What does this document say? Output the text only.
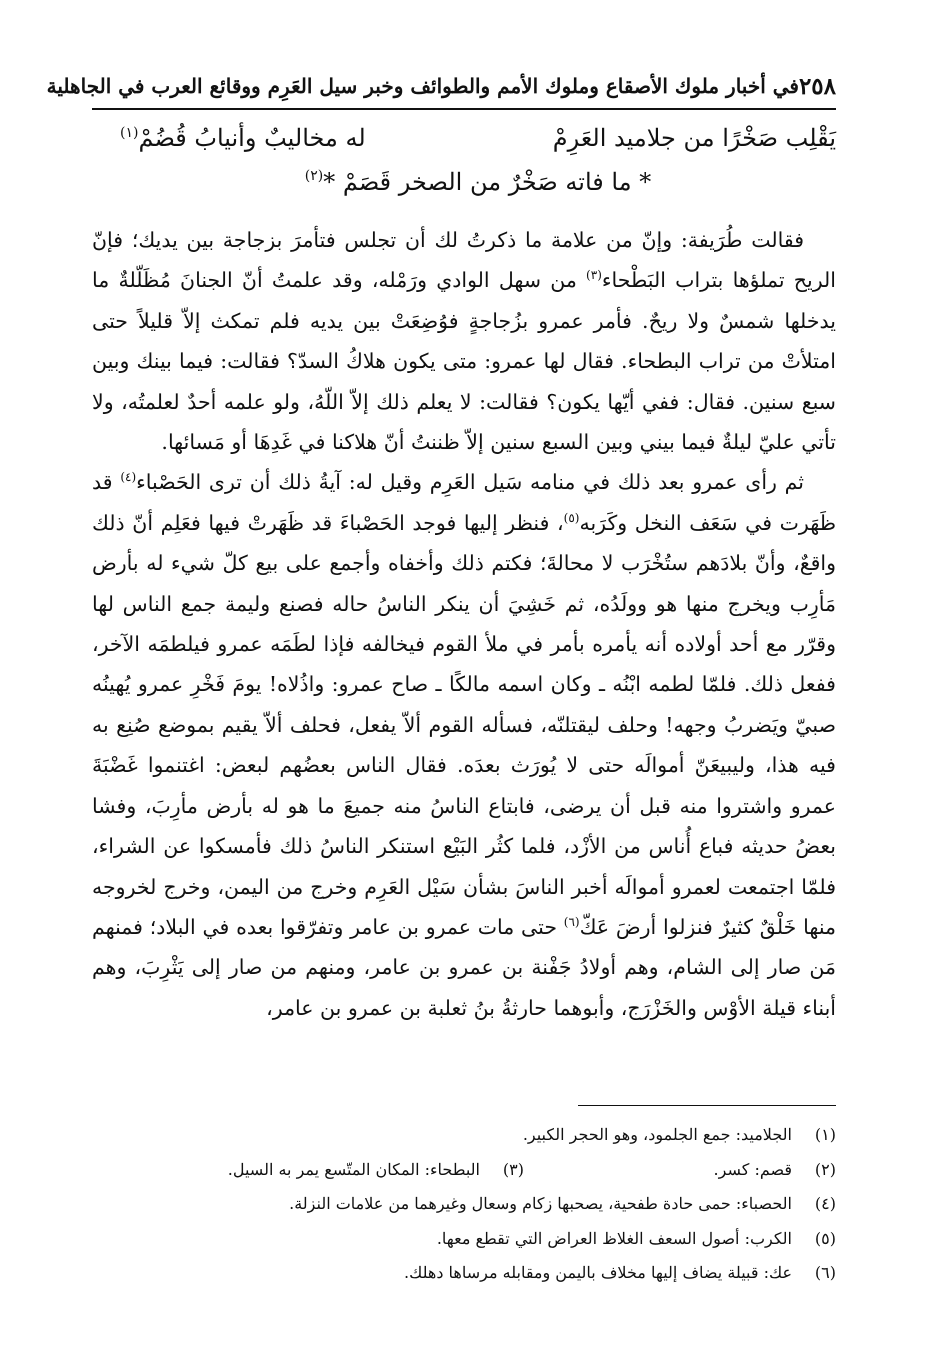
٢٥٨
في أخبار ملوك الأصقاع وملوك الأمم والطوائف وخبر سيل العَرِم ووقائع العرب في الجاهلية
يَقْلِب صَخْرًا من جلاميد العَرِمْ
له مخاليبٌ وأنيابُ قُضُمْ$^{(١)}$
* ما فاته صَخْرٌ من الصخر قَصَمْ *
(٢)

فقالت طُرَيفة: وإنّ من علامة ما ذكرتُ لك أن تجلس فتأمرَ بزجاجة بين يديك؛ فإنّ الريح تملؤها بتراب البَطْحاء$^{(٣)}$ من سهل الوادي ورَمْله، وقد علمتُ أنّ الجنانَ مُظَلّلةٌ ما يدخلها شمسٌ ولا ريحٌ. فأمر عمرو بزُجاجةٍ فوُضِعَتْ بين يديه فلم تمكث إلاّ قليلاً حتى امتلأتْ من تراب البطحاء. فقال لها عمرو: متى يكون هلاكُ السدّ؟ فقالت: فيما بينك وبين سبع سنين. فقال: ففي أيّها يكون؟ فقالت: لا يعلم ذلك إلاّ اللّهُ، ولو علمه أحدٌ لعلمتُه، ولا تأتي عليّ ليلةٌ فيما بيني وبين السبع سنين إلاّ ظننتُ أنّ هلاكنا في غَدِهَا أو مَسائها.

ثم رأى عمرو بعد ذلك في منامه سَيل العَرِم وقيل له: آيةُ ذلك أن ترى الحَصْباء$^{(٤)}$ قد ظَهَرت في سَعَف النخل وكَرَبه$^{(٥)}$، فنظر إليها فوجد الحَصْباءَ قد ظَهَرتْ فيها فعَلِم أنّ ذلك واقعٌ، وأنّ بلادَهم ستُخْرَب لا محالةَ؛ فكتم ذلك وأخفاه وأجمع على بيع كلّ شيء له بأرض مَأرِب ويخرج منها هو وولَدُه، ثم خَشِيَ أن ينكر الناسُ حاله فصنع وليمة جمع الناس لها وقرّر مع أحد أولاده أنه يأمره بأمر في ملأ القوم فيخالفه فإذا لطَمَه عمرو فيلطمَه الآخر، ففعل ذلك. فلمّا لطمه ابْنُه ـ وكان اسمه مالكًا ـ صاح عمرو: واذُلاه! يومَ فَخْرِ عمرو يُهينُه صبيّ ويَضربُ وجهه! وحلف ليقتلنّه، فسأله القوم ألاّ يفعل، فحلف ألاّ يقيم بموضع صُنِع به فيه هذا، وليبيعَنّ أموالَه حتى لا يُورَث بعدَه. فقال الناس بعضُهم لبعض: اغتنموا غَضْبَةَ عمرو واشتروا منه قبل أن يرضى، فابتاع الناسُ منه جميعَ ما هو له بأرض مأرِبَ، وفشا بعضُ حديثه فباع أُناس من الأزْد، فلما كثُر البَيْع استنكر الناسُ ذلك فأمسكوا عن الشراء، فلمّا اجتمعت لعمرو أموالَه أخبر الناسَ بشأن سَيْل العَرِم وخرج من اليمن، وخرج لخروجه منها خَلْقٌ كثيرٌ فنزلوا أرضَ عَكّ$^{(٦)}$ حتى مات عمرو بن عامر وتفرّقوا بعده في البلاد؛ فمنهم مَن صار إلى الشام، وهم أولادُ جَفْنة بن عمرو بن عامر، ومنهم من صار إلى يَثْرِبَ، وهم أبناء قيلة الأوْس والخَزْرَج، وأبوهما حارثةُ بنُ ثعلبة بن عمرو بن عامر،

(١)
الجلاميد: جمع الجلمود، وهو الحجر الكبير.
(٢)
قصم: كسر.
(٣)
البطحاء: المكان المتّسع يمر به السيل.
(٤)
الحصباء: حمى حادة طفحية، يصحبها زكام وسعال وغيرهما من علامات النزلة.
(٥)
الكرب: أصول السعف الغلاظ العراض التي تقطع معها.
(٦)
عك: قبيلة يضاف إليها مخلاف باليمن ومقابله مرساها دهلك.
